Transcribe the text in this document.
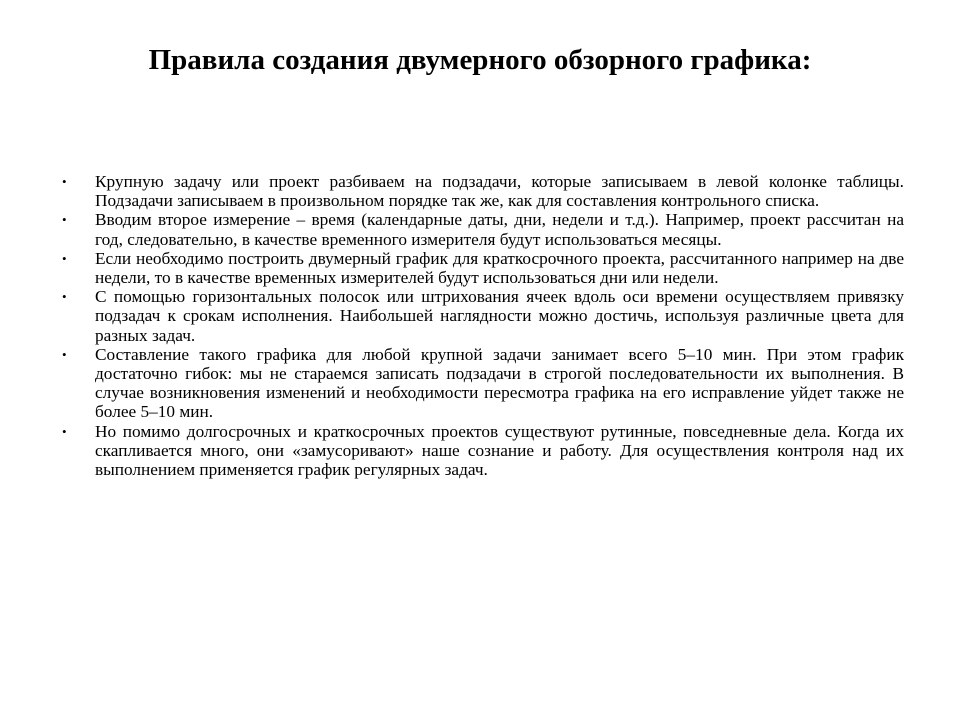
Правила создания двумерного обзорного графика:
• Крупную задачу или проект разбиваем на подзадачи, которые записываем в левой колонке таблицы. Подзадачи записываем в произвольном порядке так же, как для составления контрольного списка.
• Вводим второе измерение – время (календарные даты, дни, недели и т.д.). Например, проект рассчитан на год, следовательно, в качестве временного измерителя будут использоваться месяцы.
• Если необходимо построить двумерный график для краткосрочного проекта, рассчитанного например на две недели, то в качестве временных измерителей будут использоваться дни или недели.
• С помощью горизонтальных полосок или штрихования ячеек вдоль оси времени осуществляем привязку подзадач к срокам исполнения. Наибольшей наглядности можно достичь, используя различные цвета для разных задач.
• Составление такого графика для любой крупной задачи занимает всего 5–10 мин. При этом график достаточно гибок: мы не стараемся записать подзадачи в строгой последовательности их выполнения. В случае возникновения изменений и необходимости пересмотра графика на его исправление уйдет также не более 5–10 мин.
• Но помимо долгосрочных и краткосрочных проектов существуют рутинные, повседневные дела. Когда их скапливается много, они «замусоривают» наше сознание и работу. Для осуществления контроля над их выполнением применяется график регулярных задач.
